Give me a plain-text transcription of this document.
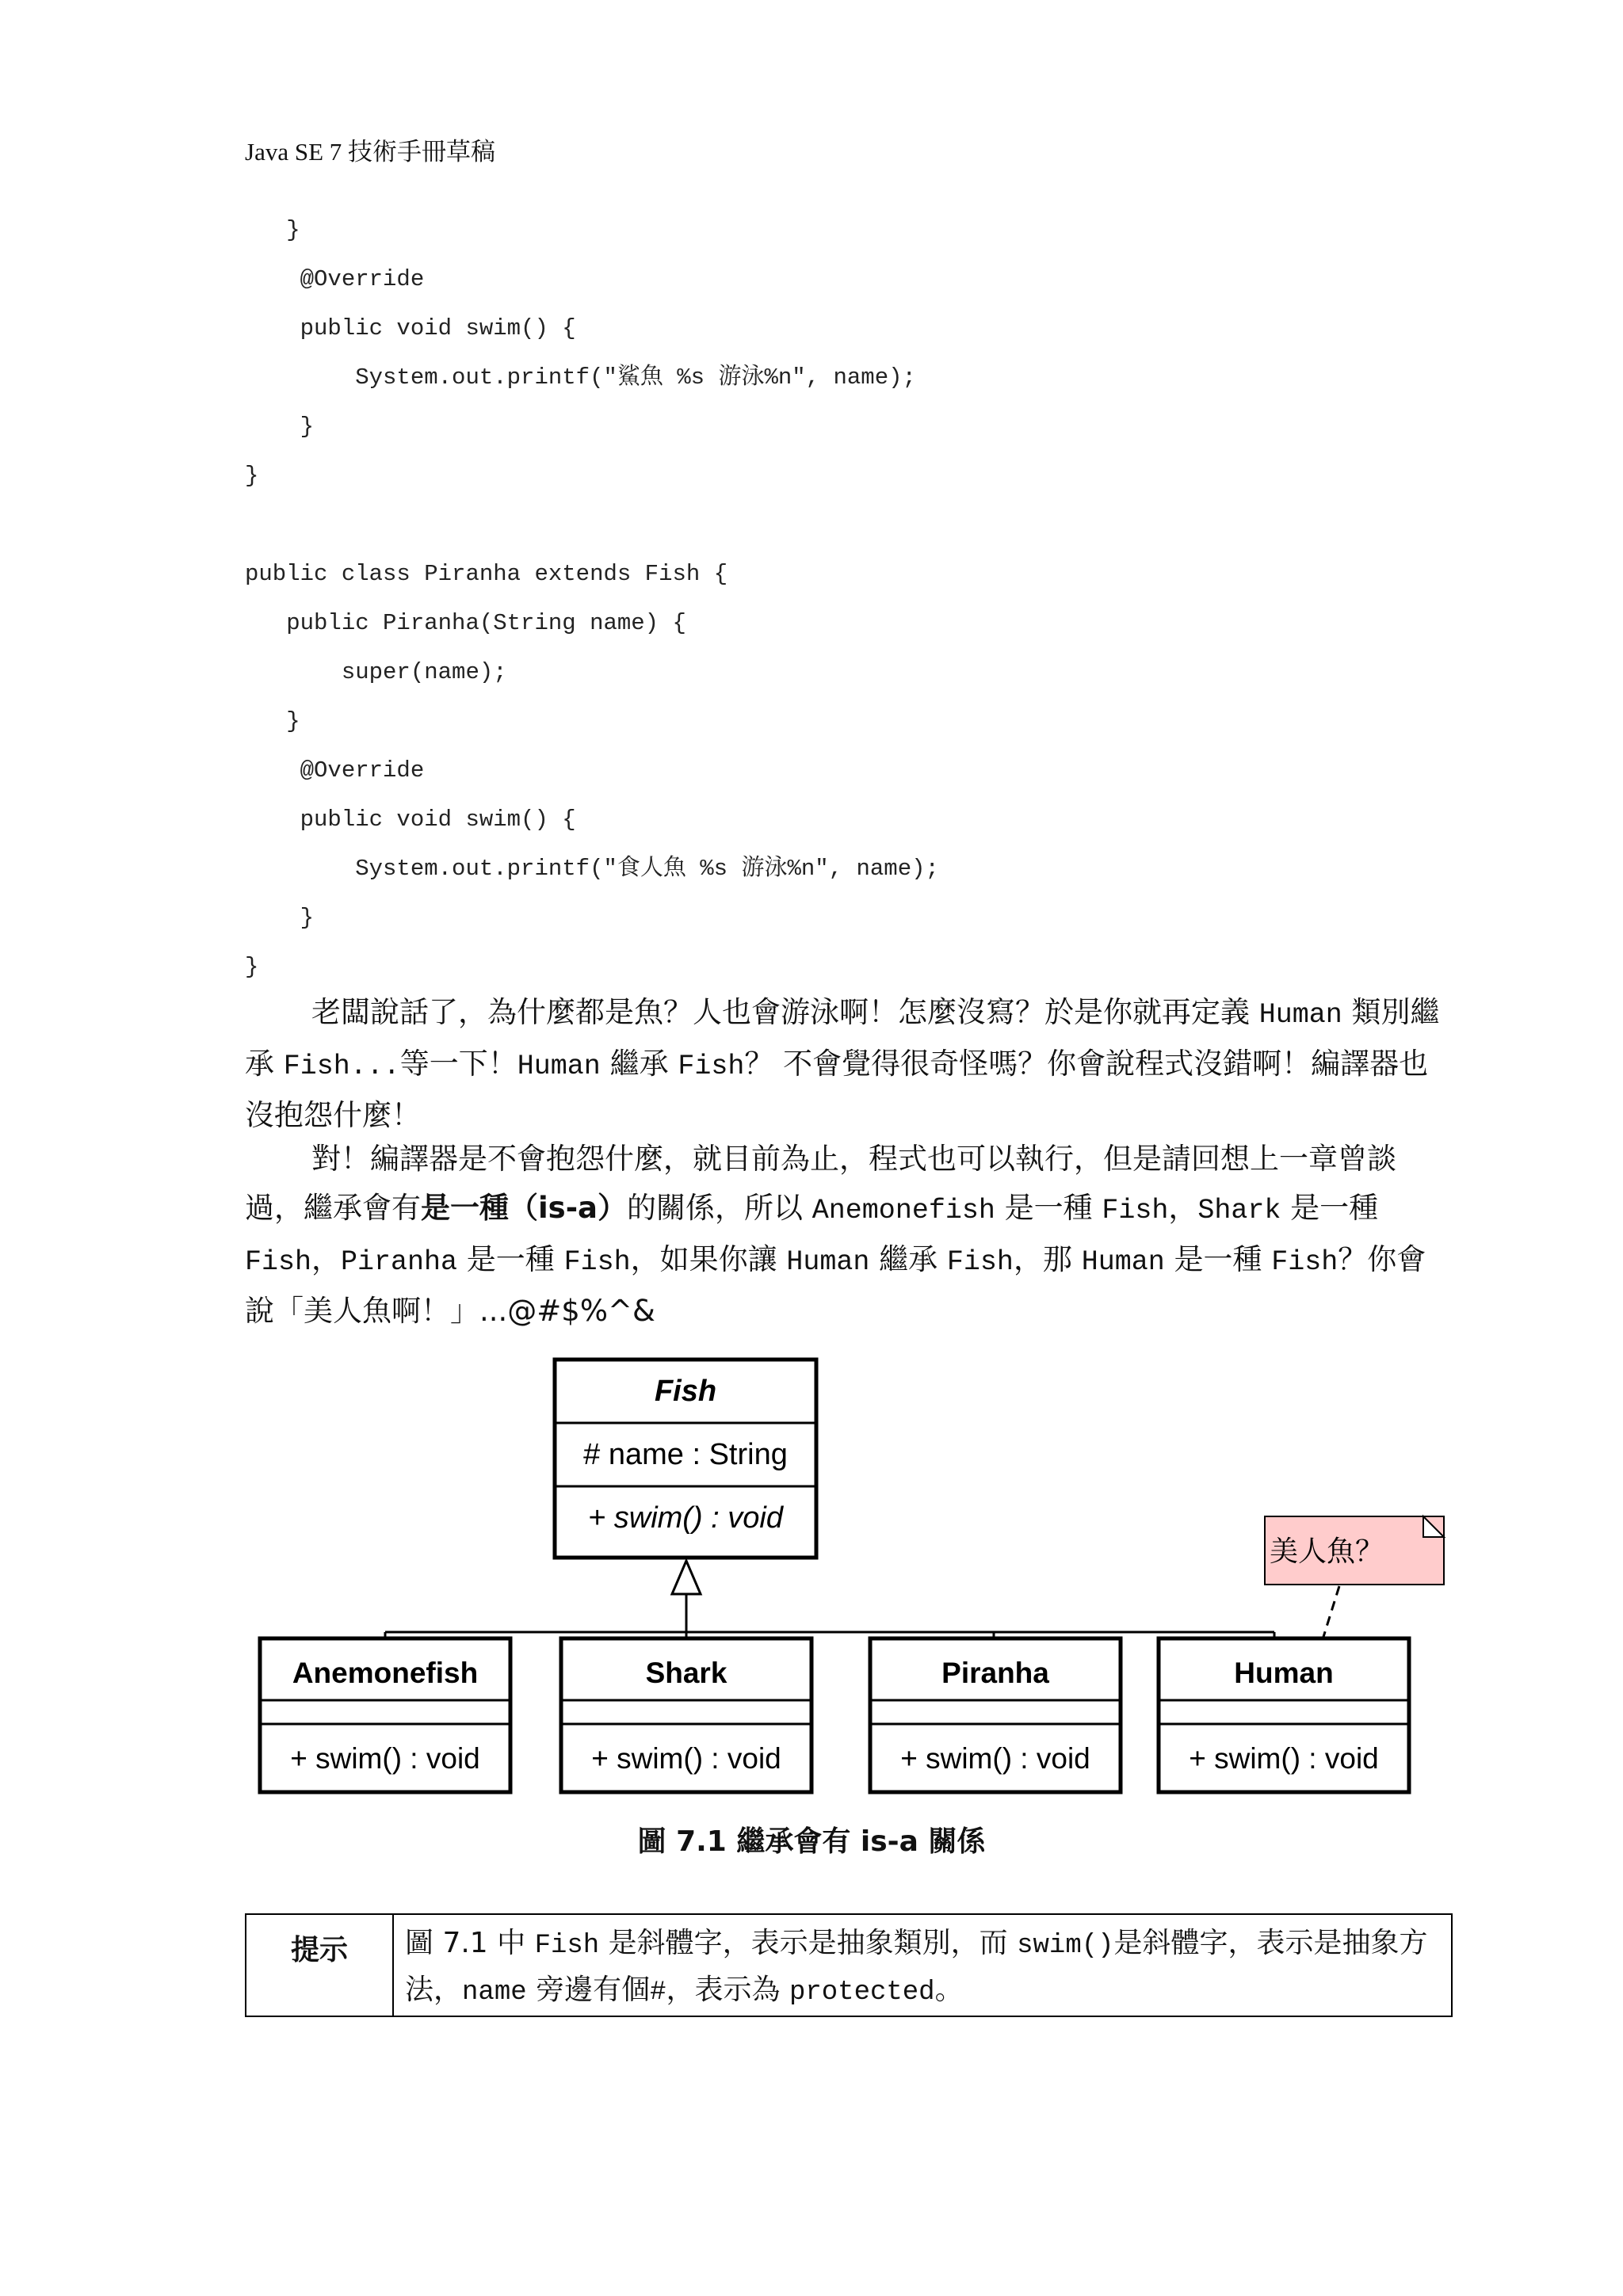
Java SE 7 技術手冊草稿
}
@Override
public void swim() {
System.out.printf("鯊魚 %s 游泳%n", name);
}
}
public class Piranha extends Fish {
public Piranha(String name) {
super(name);
}
@Override
public void swim() {
System.out.printf("食人魚 %s 游泳%n", name);
}
}

老闆說話了，為什麼都是魚？人也會游泳啊！怎麼沒寫？於是你就再定義 Human 類別繼承 Fish...等一下！Human 繼承 Fish？ 不會覺得很奇怪嗎？你會說程式沒錯啊！編譯器也沒抱怨什麼！

對！編譯器是不會抱怨什麼，就目前為止，程式也可以執行，但是請回想上一章曾談過，繼承會有是一種（is-a）的關係，所以 Anemonefish 是一種 Fish，Shark 是一種 Fish，Piranha 是一種 Fish，如果你讓 Human 繼承 Fish，那 Human 是一種 Fish？你會說「美人魚啊！」...@#$%^&

Fish
# name : String
+ swim() : void
Anemonefish
+ swim() : void
Shark
+ swim() : void
Piranha
+ swim() : void
Human
+ swim() : void
美人魚？
圖 7.1 繼承會有 is-a 關係
提示	圖 7.1 中 Fish 是斜體字，表示是抽象類別，而 swim()是斜體字，表示是抽象方法，name 旁邊有個#，表示為 protected。
